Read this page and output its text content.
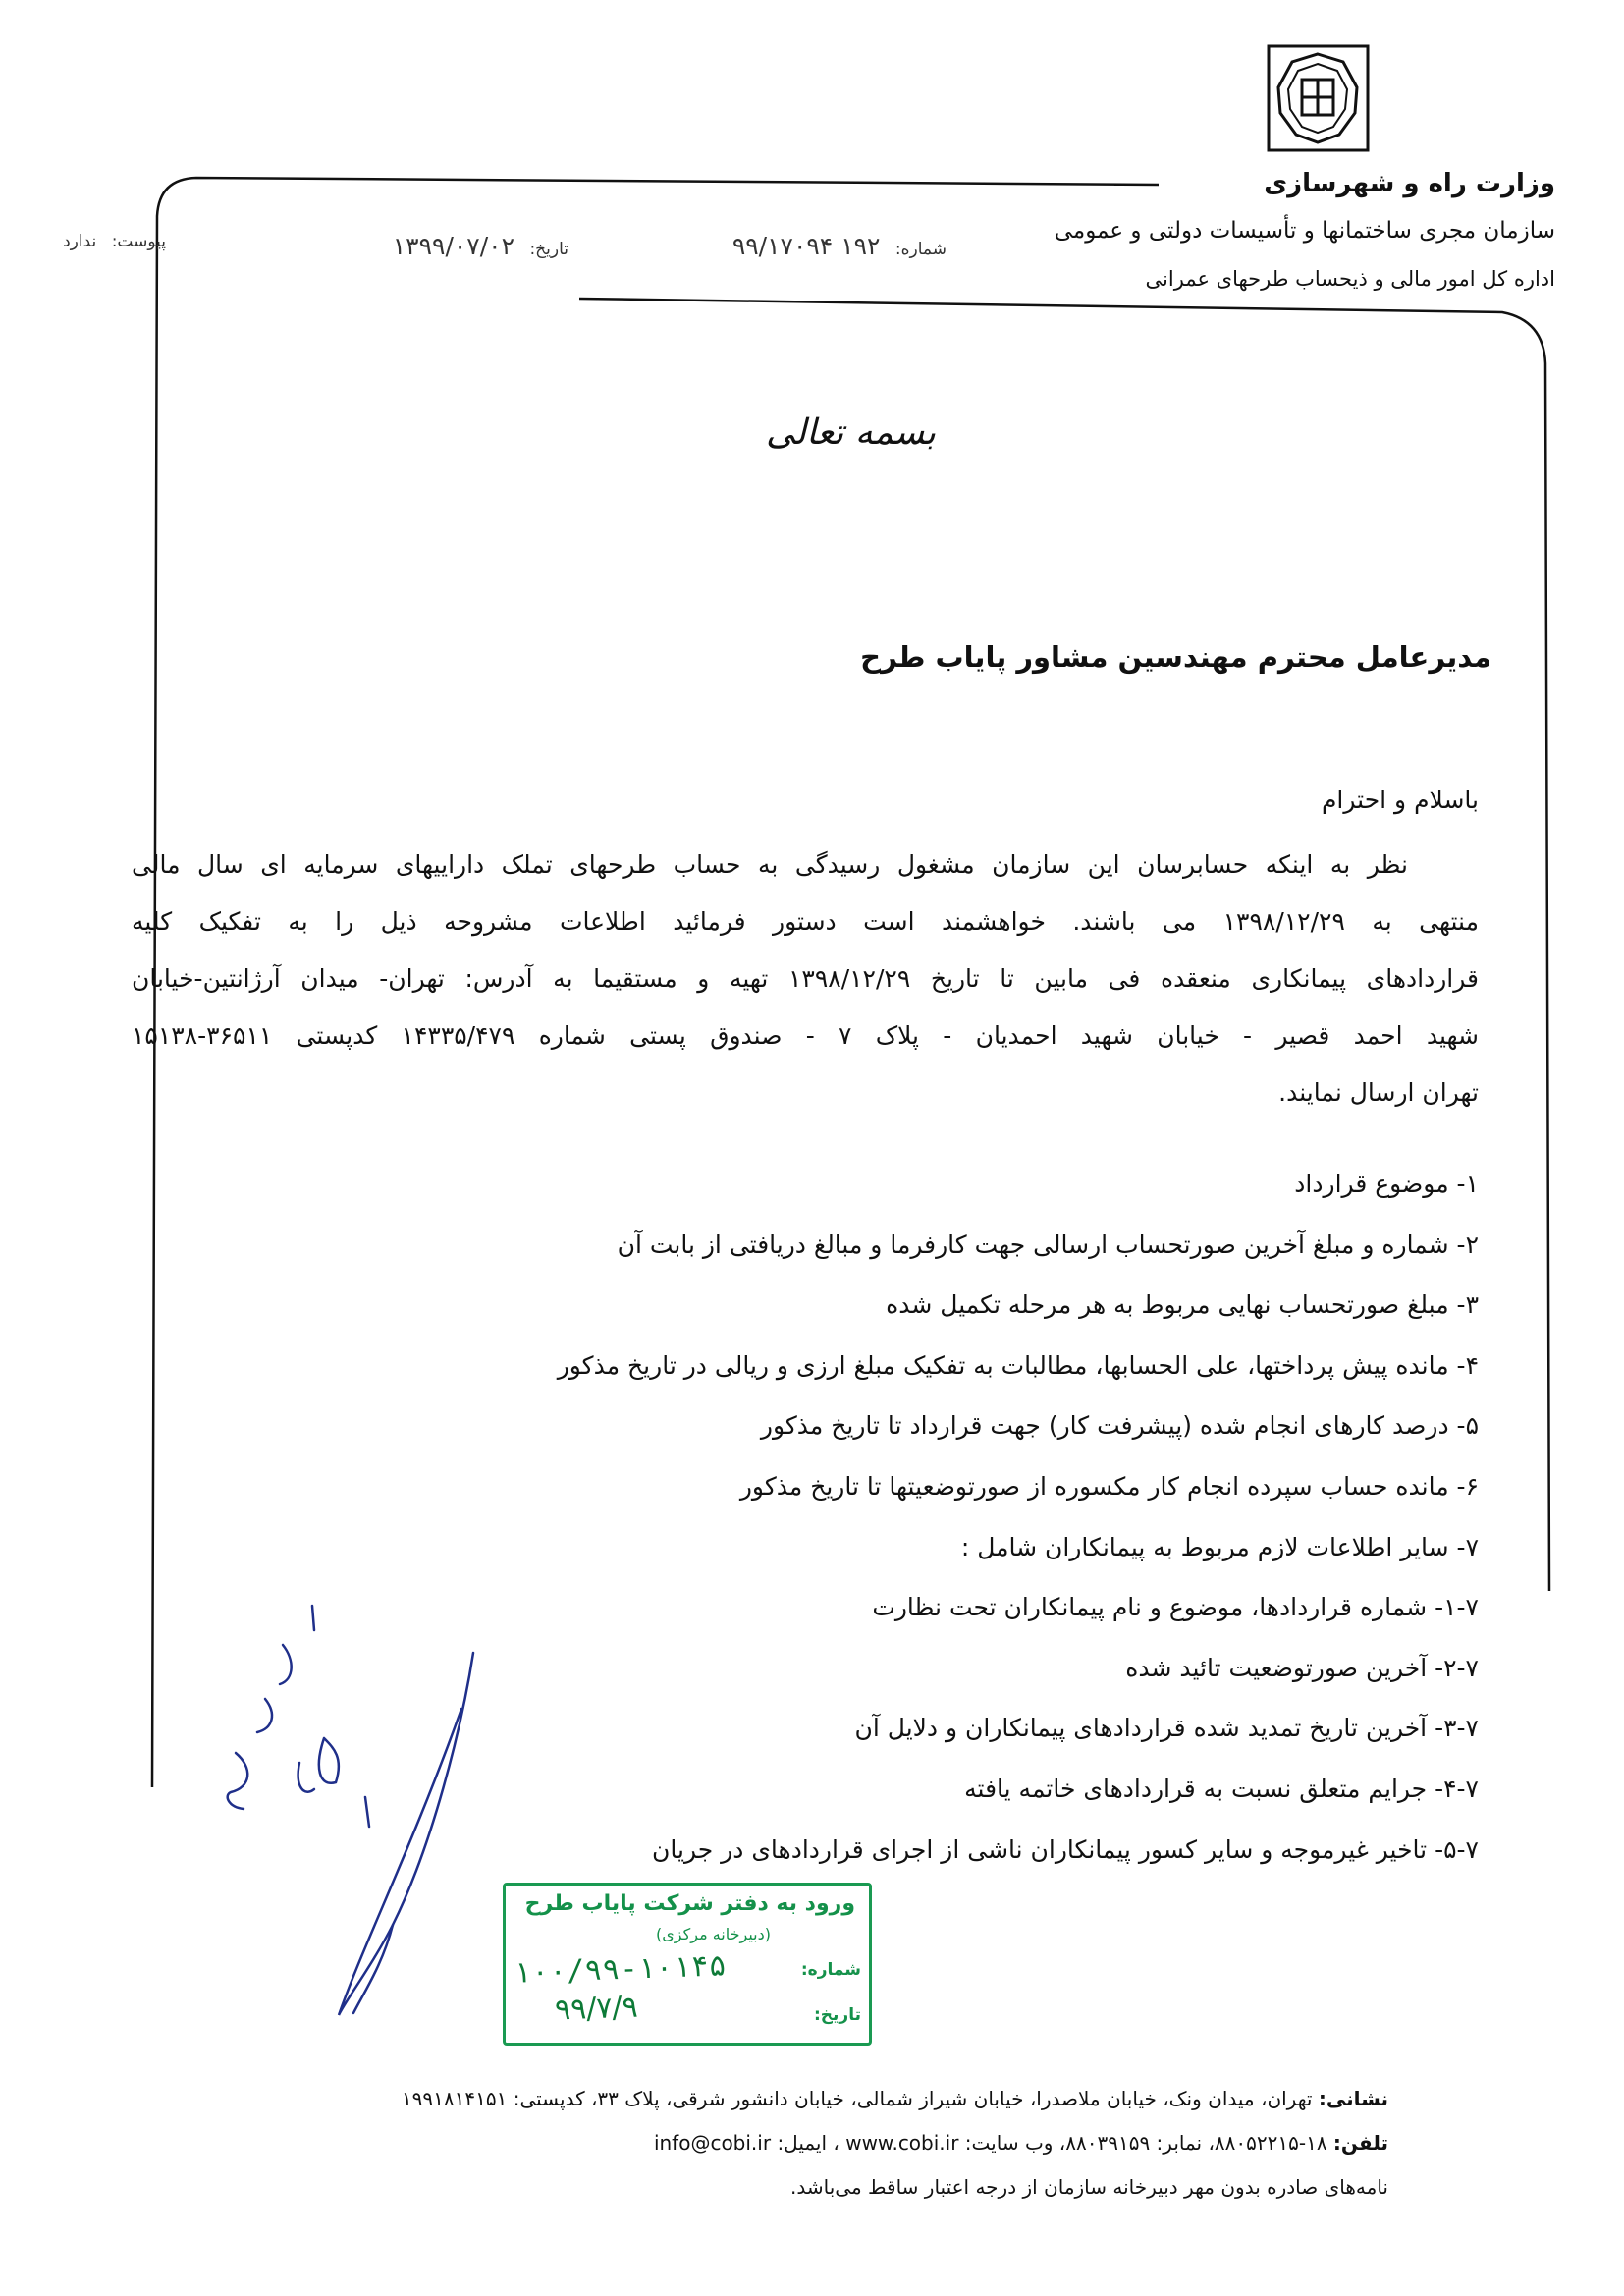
وزارت راه و شهرسازی
سازمان مجری ساختمانها و تأسیسات دولتی و عمومی
اداره کل امور مالی و ذیحساب طرحهای عمرانی
شماره: ۱۹۲ ۹۹/۱۷۰۹۴
تاریخ: ۱۳۹۹/۰۷/۰۲
پیوست: ندارد
بسمه تعالی
مدیرعامل محترم مهندسین مشاور پایاب طرح
باسلام و احترام
نظر به اینکه حسابرسان این سازمان مشغول رسیدگی به حساب طرحهای تملک داراییهای سرمایه ای سال مالی
منتهی به ۱۳۹۸/۱۲/۲۹ می باشند. خواهشمند است دستور فرمائید اطلاعات مشروحه ذیل را به تفکیک کلیه
قراردادهای پیمانکاری منعقده فی مابین تا تاریخ ۱۳۹۸/۱۲/۲۹ تهیه و مستقیما به آدرس: تهران- میدان آرژانتین-خیابان
شهید احمد قصیر - خیابان شهید احمدیان - پلاک ۷ - صندوق پستی شماره ۱۴۳۳۵/۴۷۹ کدپستی ۳۶۵۱۱-۱۵۱۳۸
تهران ارسال نمایند.
۱- موضوع قرارداد
۲- شماره و مبلغ آخرین صورتحساب ارسالی جهت کارفرما و مبالغ دریافتی از بابت آن
۳- مبلغ صورتحساب نهایی مربوط به هر مرحله تکمیل شده
۴- مانده پیش پرداختها، علی الحسابها، مطالبات به تفکیک مبلغ ارزی و ریالی در تاریخ مذکور
۵- درصد کارهای انجام شده (پیشرفت کار) جهت قرارداد تا تاریخ مذکور
۶- مانده حساب سپرده انجام کار مکسوره از صورتوضعیتها تا تاریخ مذکور
۷- سایر اطلاعات لازم مربوط به پیمانکاران شامل :
۱-۷- شماره قراردادها، موضوع و نام پیمانکاران تحت نظارت
۲-۷- آخرین صورتوضعیت تائید شده
۳-۷- آخرین تاریخ تمدید شده قراردادهای پیمانکاران و دلایل آن
۴-۷- جرایم متعلق نسبت به قراردادهای خاتمه یافته
۵-۷- تاخیر غیرموجه و سایر کسور پیمانکاران ناشی از اجرای قراردادهای در جریان
ورود به دفتر شرکت پایاب طرح
(دبیرخانه مرکزی)
شماره:
تاریخ:
۱۰۰/۹۹-۱۰۱۴۵
۹۹/۷/۹
نشانی: تهران، میدان ونک، خیابان ملاصدرا، خیابان شیراز شمالی، خیابان دانشور شرقی، پلاک ۳۳، کدپستی: ۱۹۹۱۸۱۴۱۵۱
تلفن: ۱۸-۸۸۰۵۲۲۱۵، نمابر: ۸۸۰۳۹۱۵۹، وب سایت: www.cobi.ir ، ایمیل: info@cobi.ir
نامه‌های صادره بدون مهر دبیرخانه سازمان از درجه اعتبار ساقط می‌باشد.
